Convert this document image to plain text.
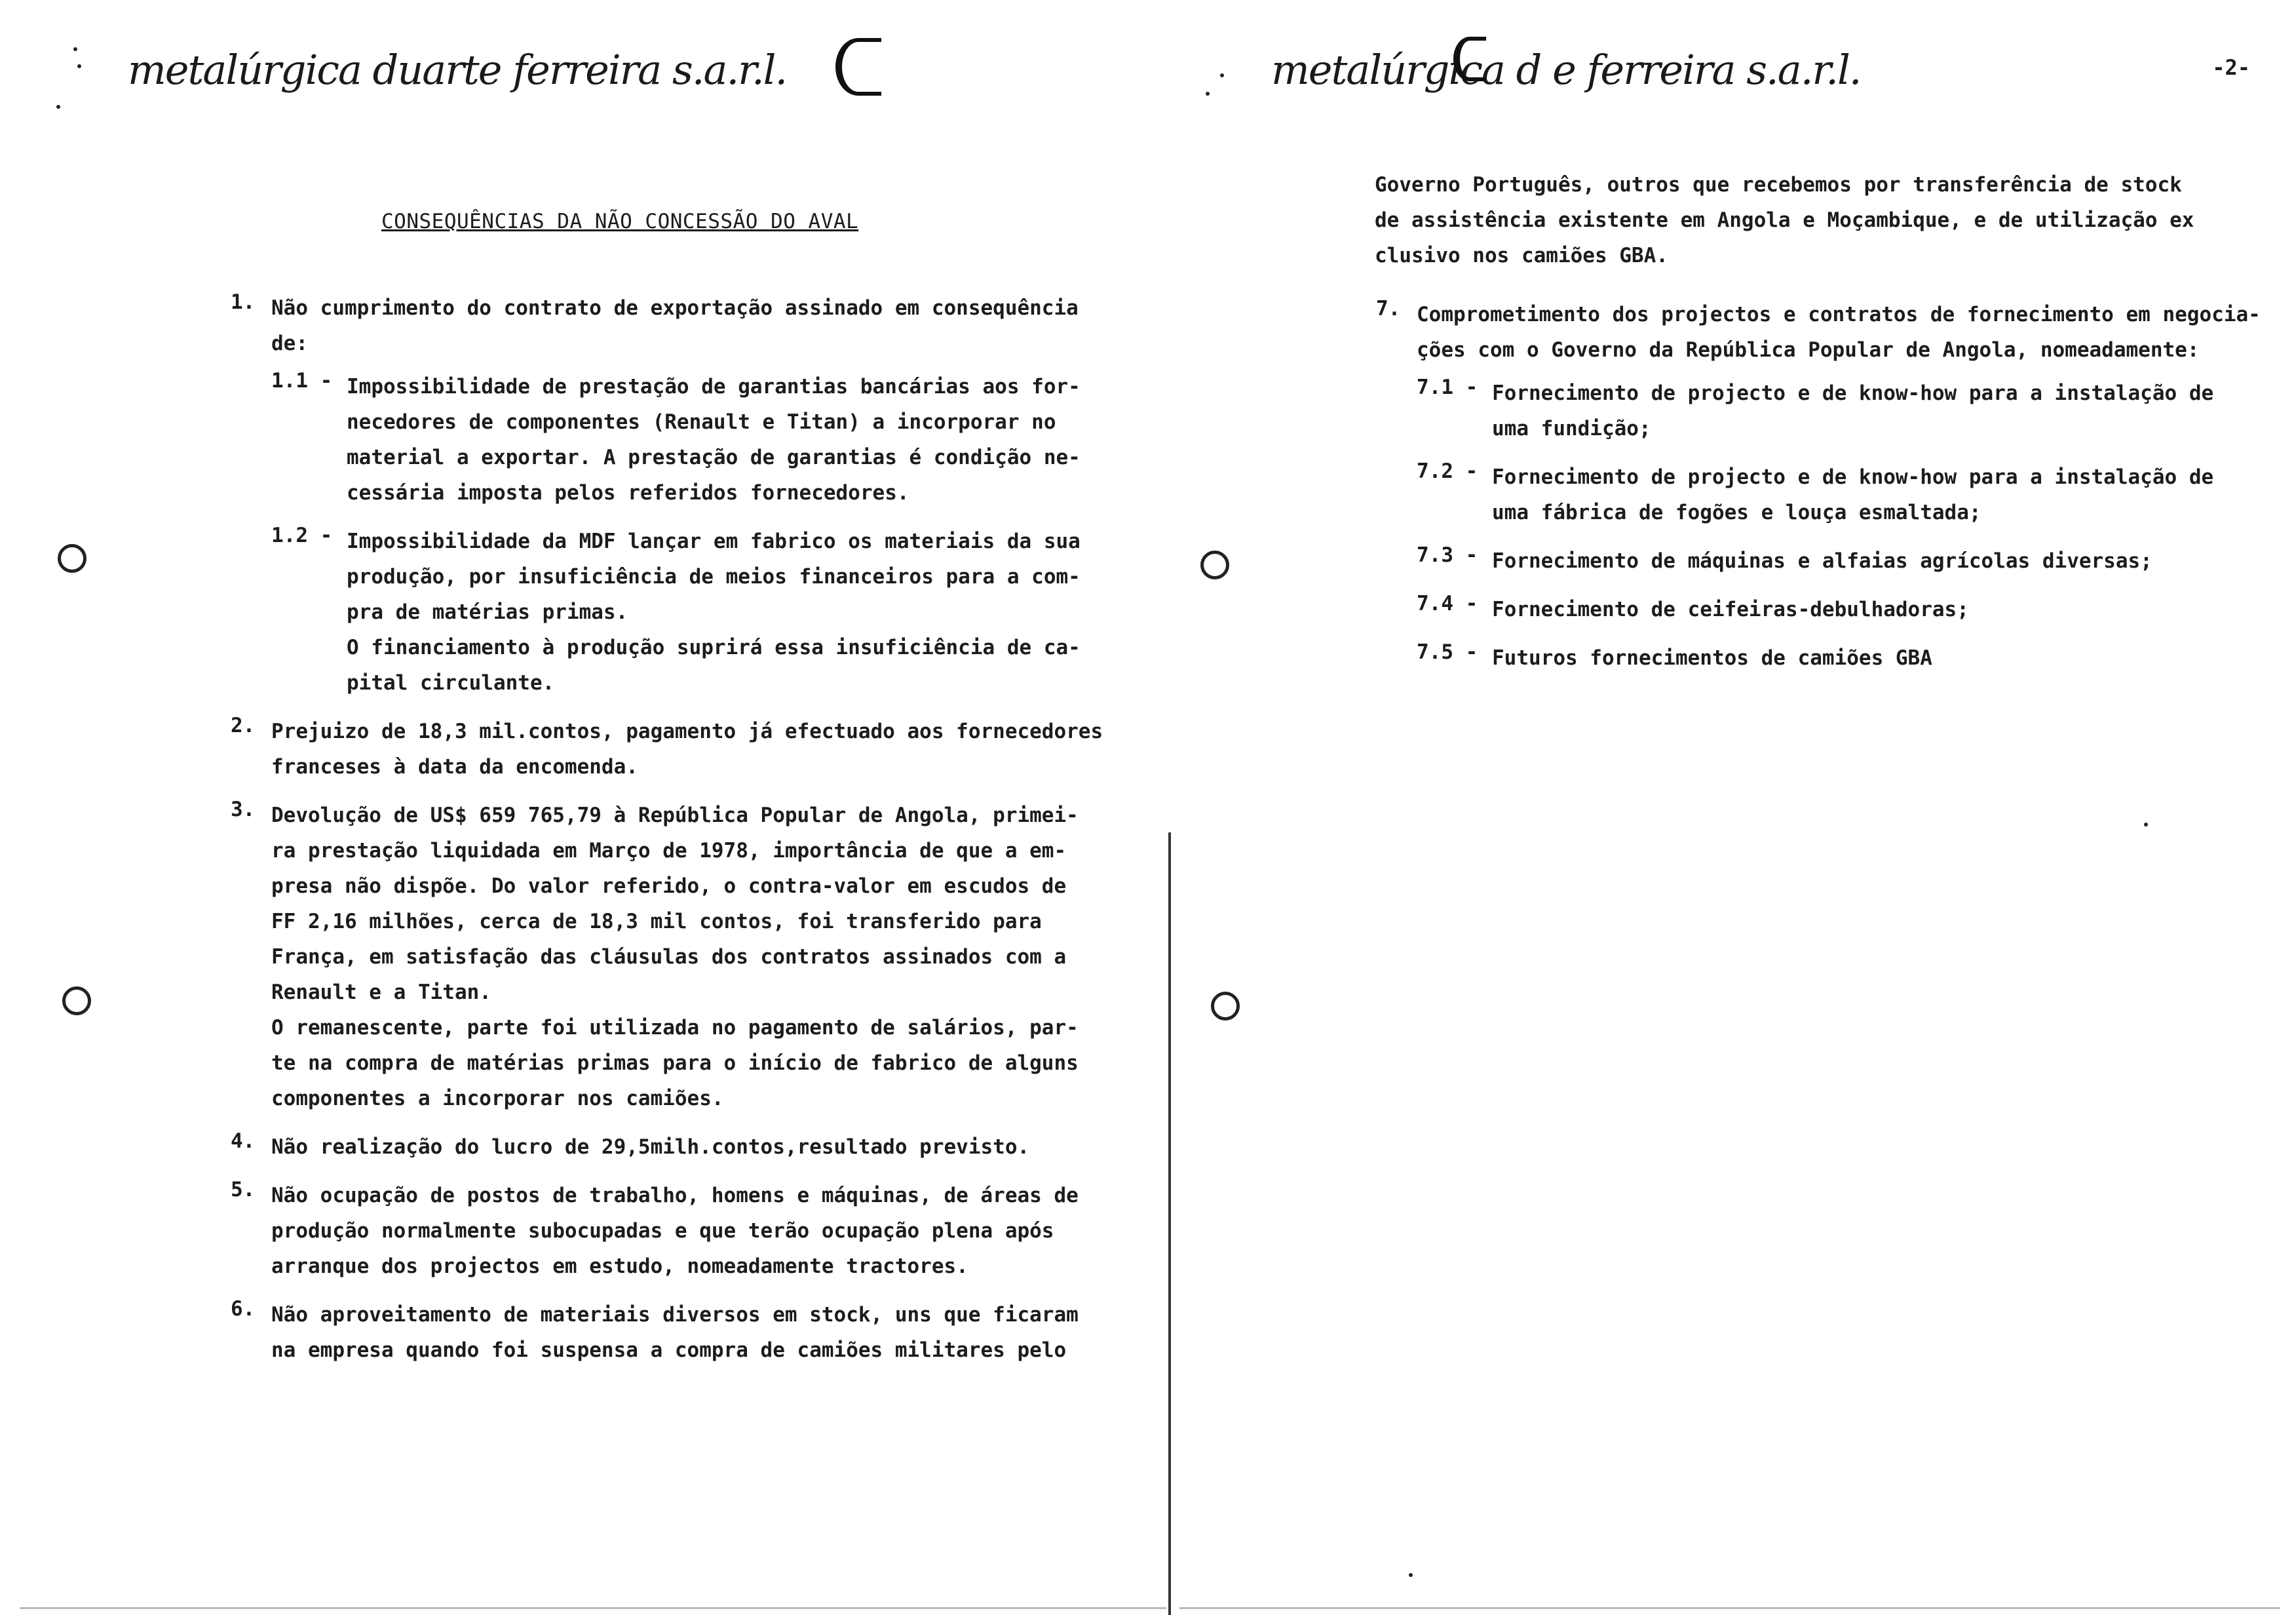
metalúrgica duarte ferreira s.a.r.l.
CONSEQUÊNCIAS DA NÃO CONCESSÃO DO AVAL
1. Não cumprimento do contrato de exportação assinado em consequência
de:
1.1 - Impossibilidade de prestação de garantias bancárias aos for-
necedores de componentes (Renault e Titan) a incorporar no
material a exportar. A prestação de garantias é condição ne-
cessária imposta pelos referidos fornecedores.
1.2 - Impossibilidade da MDF lançar em fabrico os materiais da sua
produção, por insuficiência de meios financeiros para a com-
pra de matérias primas.
O financiamento à produção suprirá essa insuficiência de ca-
pital circulante.
2. Prejuizo de 18,3 mil.contos, pagamento já efectuado aos fornecedores
franceses à data da encomenda.
3. Devolução de US$ 659 765,79 à República Popular de Angola, primei-
ra prestação liquidada em Março de 1978, importância de que a em-
presa não dispõe. Do valor referido, o contra-valor em escudos de
FF 2,16 milhões, cerca de 18,3 mil contos, foi transferido para
França, em satisfação das cláusulas dos contratos assinados com a
Renault e a Titan.
O remanescente, parte foi utilizada no pagamento de salários, par-
te na compra de matérias primas para o início de fabrico de alguns
componentes a incorporar nos camiões.
4. Não realização do lucro de 29,5milh.contos,resultado previsto.
5. Não ocupação de postos de trabalho, homens e máquinas, de áreas de
produção normalmente subocupadas e que terão ocupação plena após
arranque dos projectos em estudo, nomeadamente tractores.
6. Não aproveitamento de materiais diversos em stock, uns que ficaram
na empresa quando foi suspensa a compra de camiões militares pelo
metalúrgica d e ferreira s.a.r.l.	-2-
Governo Português, outros que recebemos por transferência de stock
de assistência existente em Angola e Moçambique, e de utilização ex
clusivo nos camiões GBA.
7. Comprometimento dos projectos e contratos de fornecimento em negocia-
ções com o Governo da República Popular de Angola, nomeadamente:
7.1 - Fornecimento de projecto e de know-how para a instalação de
uma fundição;
7.2 - Fornecimento de projecto e de know-how para a instalação de
uma fábrica de fogões e louça esmaltada;
7.3 - Fornecimento de máquinas e alfaias agrícolas diversas;
7.4 - Fornecimento de ceifeiras-debulhadoras;
7.5 - Futuros fornecimentos de camiões GBA
